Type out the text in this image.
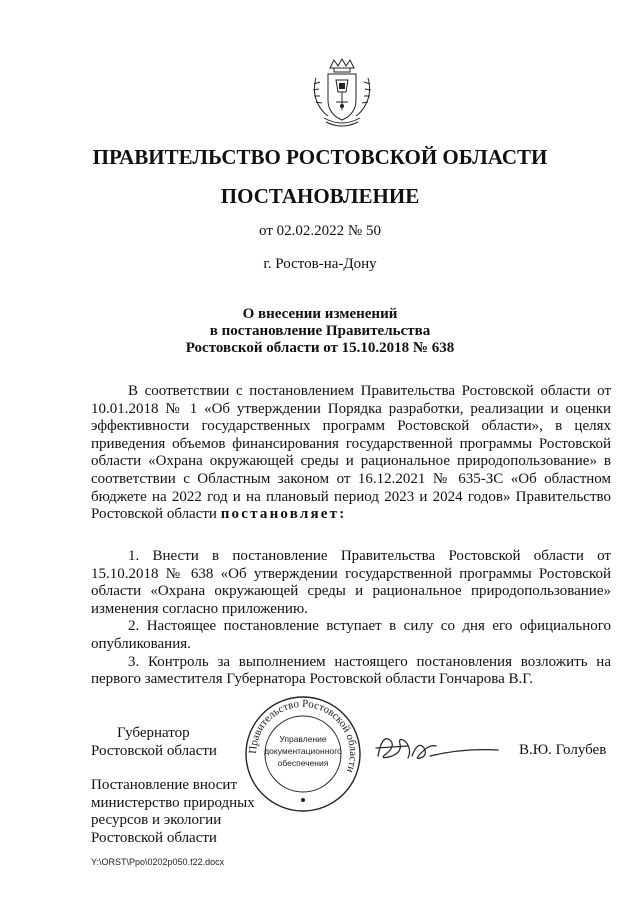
ПРАВИТЕЛЬСТВО РОСТОВСКОЙ ОБЛАСТИ
ПОСТАНОВЛЕНИЕ
от 02.02.2022 № 50
г. Ростов-на-Дону
О внесении изменений
в постановление Правительства
Ростовской области от 15.10.2018 № 638

В соответствии с постановлением Правительства Ростовской области от 10.01.2018 № 1 «Об утверждении Порядка разработки, реализации и оценки эффективности государственных программ Ростовской области», в целях приведения объемов финансирования государственной программы Ростовской области «Охрана окружающей среды и рациональное природопользование» в соответствии с Областным законом от 16.12.2021 № 635-ЗС «Об областном бюджете на 2022 год и на плановый период 2023 и 2024 годов» Правительство Ростовской области постановляет:

1. Внести в постановление Правительства Ростовской области от 15.10.2018 № 638 «Об утверждении государственной программы Ростовской области «Охрана окружающей среды и рациональное природопользование» изменения согласно приложению.

2. Настоящее постановление вступает в силу со дня его официального опубликования.

3. Контроль за выполнением настоящего постановления возложить на первого заместителя Губернатора Ростовской области Гончарова В.Г.

Губернатор
Ростовской области	Правительство Ростовской области
Управление
документационного
обеспечения
В.Ю. Голубев
Постановление вносит
министерство природных
ресурсов и экологии
Ростовской области
Y:\ORST\Ppo\0202p050.f22.docx
